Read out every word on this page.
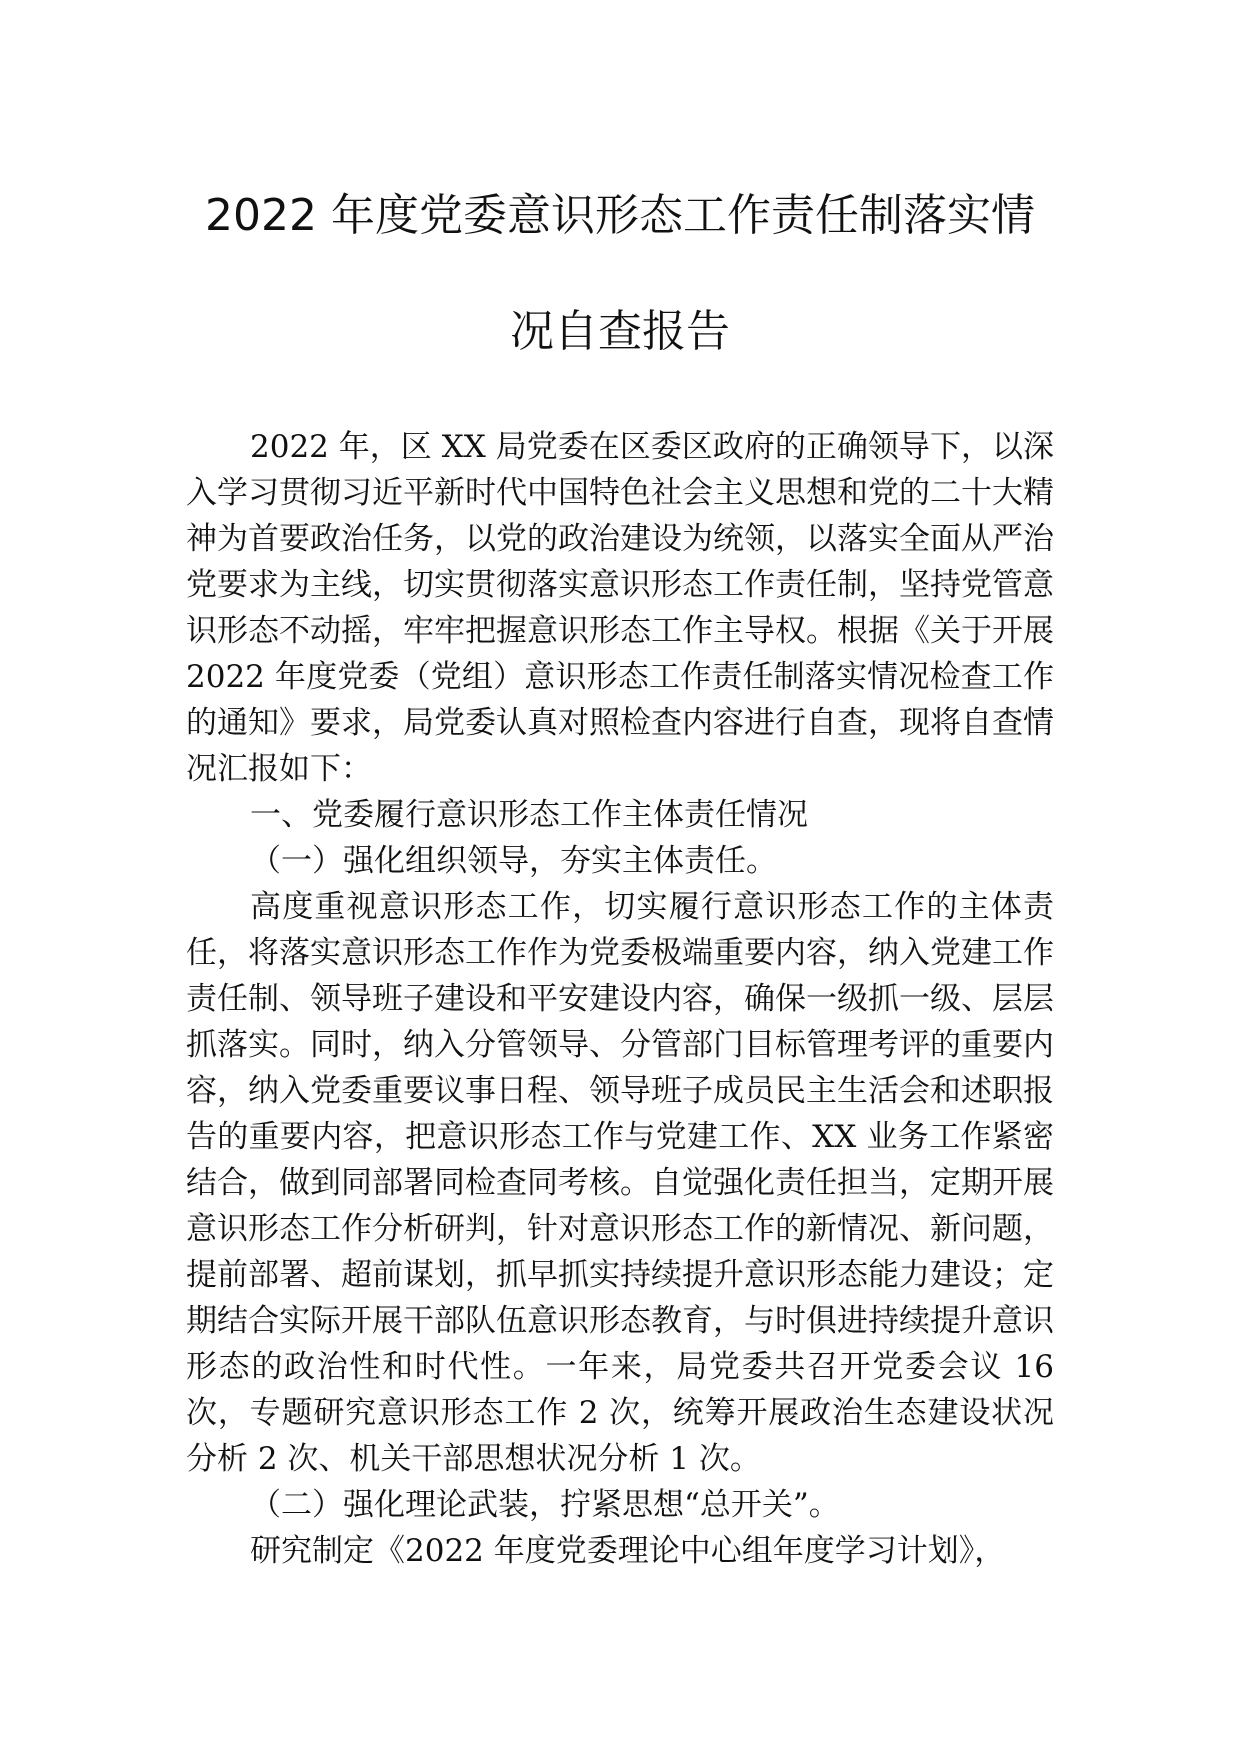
2022 年度党委意识形态工作责任制落实情
况自查报告

2022 年，区 XX 局党委在区委区政府的正确领导下，以深入学习贯彻习近平新时代中国特色社会主义思想和党的二十大精神为首要政治任务，以党的政治建设为统领，以落实全面从严治党要求为主线，切实贯彻落实意识形态工作责任制，坚持党管意识形态不动摇，牢牢把握意识形态工作主导权。根据《关于开展 2022 年度党委（党组）意识形态工作责任制落实情况检查工作的通知》要求，局党委认真对照检查内容进行自查，现将自查情况汇报如下：

一、党委履行意识形态工作主体责任情况

（一）强化组织领导，夯实主体责任。

高度重视意识形态工作，切实履行意识形态工作的主体责任，将落实意识形态工作作为党委极端重要内容，纳入党建工作责任制、领导班子建设和平安建设内容，确保一级抓一级、层层抓落实。同时，纳入分管领导、分管部门目标管理考评的重要内容，纳入党委重要议事日程、领导班子成员民主生活会和述职报告的重要内容，把意识形态工作与党建工作、XX 业务工作紧密结合，做到同部署同检查同考核。自觉强化责任担当，定期开展意识形态工作分析研判，针对意识形态工作的新情况、新问题，提前部署、超前谋划，抓早抓实持续提升意识形态能力建设；定期结合实际开展干部队伍意识形态教育，与时俱进持续提升意识形态的政治性和时代性。一年来，局党委共召开党委会议 16 次，专题研究意识形态工作 2 次，统筹开展政治生态建设状况分析 2 次、机关干部思想状况分析 1 次。

（二）强化理论武装，拧紧思想“总开关”。

研究制定《2022 年度党委理论中心组年度学习计划》，
